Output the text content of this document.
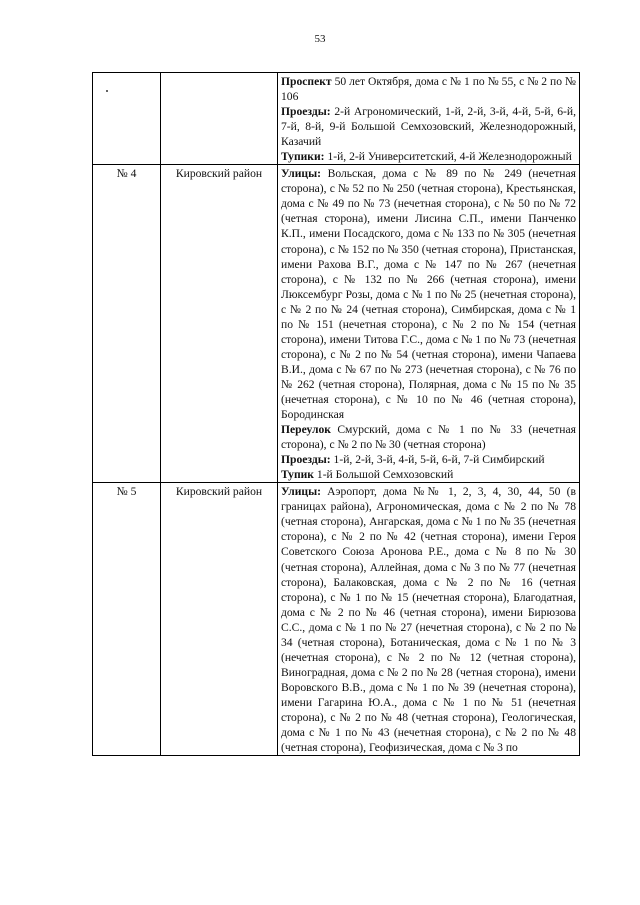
53

		Проспект 50 лет Октября, дома с № 1 по № 55, с № 2 по № 106
Проезды: 2-й Агрономический, 1-й, 2-й, 3-й, 4-й, 5-й, 6-й, 7-й, 8-й, 9-й Большой Семхозовский, Железнодорожный, Казачий
Тупики: 1-й, 2-й Университетский, 4-й Железнодорожный

№ 4	Кировский район	Улицы: Вольская, дома с № 89 по № 249 (нечетная сторона), с № 52 по № 250 (четная сторона), Крестьянская, дома с № 49 по № 73 (нечетная сторона), с № 50 по № 72 (четная сторона), имени Лисина С.П., имени Панченко К.П., имени Посадского, дома с № 133 по № 305 (нечетная сторона), с № 152 по № 350 (четная сторона), Пристанская, имени Рахова В.Г., дома с № 147 по № 267 (нечетная сторона), с № 132 по № 266 (четная сторона), имени Люксембург Розы, дома с № 1 по № 25 (нечетная сторона), с № 2 по № 24 (четная сторона), Симбирская, дома с № 1 по № 151 (нечетная сторона), с № 2 по № 154 (четная сторона), имени Титова Г.С., дома с № 1 по № 73 (нечетная сторона), с № 2 по № 54 (четная сторона), имени Чапаева В.И., дома с № 67 по № 273 (нечетная сторона), с № 76 по № 262 (четная сторона), Полярная, дома с № 15 по № 35 (нечетная сторона), с № 10 по № 46 (четная сторона), Бородинская
Переулок Смурский, дома с № 1 по № 33 (нечетная сторона), с № 2 по № 30 (четная сторона)
Проезды: 1-й, 2-й, 3-й, 4-й, 5-й, 6-й, 7-й Симбирский
Тупик 1-й Большой Семхозовский

№ 5	Кировский район	Улицы: Аэропорт, дома №№ 1, 2, 3, 4, 30, 44, 50 (в границах района), Агрономическая, дома с № 2 по № 78 (четная сторона), Ангарская, дома с № 1 по № 35 (нечетная сторона), с № 2 по № 42 (четная сторона), имени Героя Советского Союза Аронова Р.Е., дома с № 8 по № 30 (четная сторона), Аллейная, дома с № 3 по № 77 (нечетная сторона), Балаковская, дома с № 2 по № 16 (четная сторона), с № 1 по № 15 (нечетная сторона), Благодатная, дома с № 2 по № 46 (четная сторона), имени Бирюзова С.С., дома с № 1 по № 27 (нечетная сторона), с № 2 по № 34 (четная сторона), Ботаническая, дома с № 1 по № 3 (нечетная сторона), с № 2 по № 12 (четная сторона), Виноградная, дома с № 2 по № 28 (четная сторона), имени Воровского В.В., дома с № 1 по № 39 (нечетная сторона), имени Гагарина Ю.А., дома с № 1 по № 51 (нечетная сторона), с № 2 по № 48 (четная сторона), Геологическая, дома с № 1 по № 43 (нечетная сторона), с № 2 по № 48 (четная сторона), Геофизическая, дома с № 3 по
